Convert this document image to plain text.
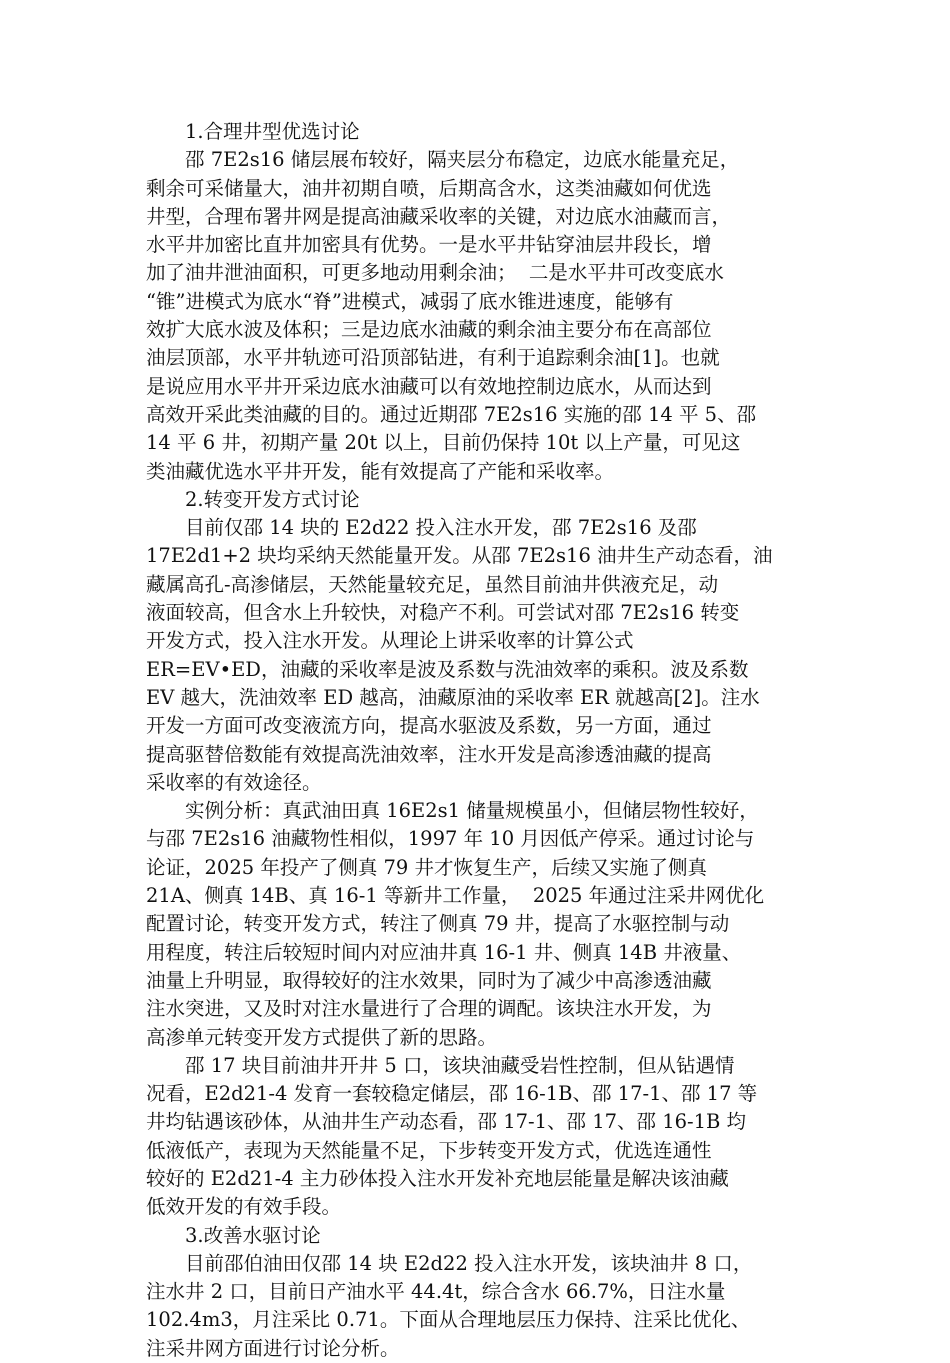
1.合理井型优选讨论
邵 7E2s16 储层展布较好，隔夹层分布稳定，边底水能量充足，
剩余可采储量大，油井初期自喷，后期高含水，这类油藏如何优选
井型，合理布署井网是提高油藏采收率的关键，对边底水油藏而言，
水平井加密比直井加密具有优势。一是水平井钻穿油层井段长，增
加了油井泄油面积，可更多地动用剩余油；  二是水平井可改变底水
“锥”进模式为底水“脊”进模式，减弱了底水锥进速度，能够有
效扩大底水波及体积；三是边底水油藏的剩余油主要分布在高部位
油层顶部，水平井轨迹可沿顶部钻进，有利于追踪剩余油[1]。也就
是说应用水平井开采边底水油藏可以有效地控制边底水，从而达到
高效开采此类油藏的目的。通过近期邵 7E2s16 实施的邵 14 平 5、邵
14 平 6 井，初期产量 20t 以上，目前仍保持 10t 以上产量，可见这
类油藏优选水平井开发，能有效提高了产能和采收率。
2.转变开发方式讨论
目前仅邵 14 块的 E2d22 投入注水开发，邵 7E2s16 及邵
17E2d1+2 块均采纳天然能量开发。从邵 7E2s16 油井生产动态看，油
藏属高孔-高渗储层，天然能量较充足，虽然目前油井供液充足，动
液面较高，但含水上升较快，对稳产不利。可尝试对邵 7E2s16 转变
开发方式，投入注水开发。从理论上讲采收率的计算公式
ER=EV•ED，油藏的采收率是波及系数与洗油效率的乘积。波及系数
EV 越大，洗油效率 ED 越高，油藏原油的采收率 ER 就越高[2]。注水
开发一方面可改变液流方向，提高水驱波及系数，另一方面，通过
提高驱替倍数能有效提高洗油效率，注水开发是高渗透油藏的提高
采收率的有效途径。
实例分析：真武油田真 16E2s1 储量规模虽小，但储层物性较好，
与邵 7E2s16 油藏物性相似，1997 年 10 月因低产停采。通过讨论与
论证，2025 年投产了侧真 79 井才恢复生产，后续又实施了侧真
21A、侧真 14B、真 16-1 等新井工作量，  2025 年通过注采井网优化
配置讨论，转变开发方式，转注了侧真 79 井，提高了水驱控制与动
用程度，转注后较短时间内对应油井真 16-1 井、侧真 14B 井液量、
油量上升明显，取得较好的注水效果，同时为了减少中高渗透油藏
注水突进，又及时对注水量进行了合理的调配。该块注水开发，为
高渗单元转变开发方式提供了新的思路。
邵 17 块目前油井开井 5 口，该块油藏受岩性控制，但从钻遇情
况看，E2d21-4 发育一套较稳定储层，邵 16-1B、邵 17-1、邵 17 等
井均钻遇该砂体，从油井生产动态看，邵 17-1、邵 17、邵 16-1B 均
低液低产，表现为天然能量不足，下步转变开发方式，优选连通性
较好的 E2d21-4 主力砂体投入注水开发补充地层能量是解决该油藏
低效开发的有效手段。
3.改善水驱讨论
目前邵伯油田仅邵 14 块 E2d22 投入注水开发，该块油井 8 口，
注水井 2 口，目前日产油水平 44.4t，综合含水 66.7%，日注水量
102.4m3，月注采比 0.71。下面从合理地层压力保持、注采比优化、
注采井网方面进行讨论分析。
